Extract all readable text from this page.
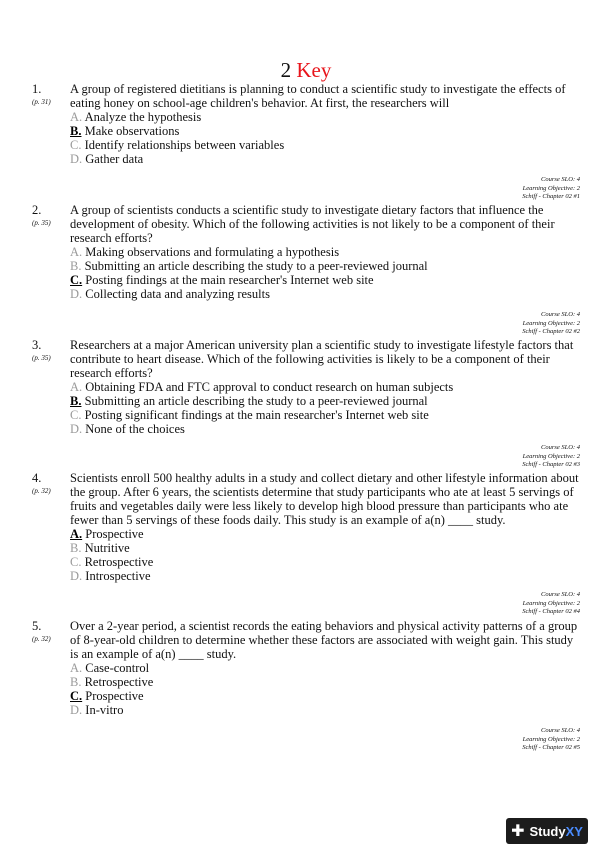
2 Key
1.
(p. 31)
A group of registered dietitians is planning to conduct a scientific study to investigate the effects of eating honey on school-age children's behavior. At first, the researchers will
A. Analyze the hypothesis
B. Make observations
C. Identify relationships between variables
D. Gather data
Course SLO: 4
Learning Objective: 2
Schiff - Chapter 02 #1
2.
(p. 35)
A group of scientists conducts a scientific study to investigate dietary factors that influence the development of obesity. Which of the following activities is not likely to be a component of their research efforts?
A. Making observations and formulating a hypothesis
B. Submitting an article describing the study to a peer-reviewed journal
C. Posting findings at the main researcher's Internet web site
D. Collecting data and analyzing results
Course SLO: 4
Learning Objective: 2
Schiff - Chapter 02 #2
3.
(p. 35)
Researchers at a major American university plan a scientific study to investigate lifestyle factors that contribute to heart disease. Which of the following activities is likely to be a component of their research efforts?
A. Obtaining FDA and FTC approval to conduct research on human subjects
B. Submitting an article describing the study to a peer-reviewed journal
C. Posting significant findings at the main researcher's Internet web site
D. None of the choices
Course SLO: 4
Learning Objective: 2
Schiff - Chapter 02 #3
4.
(p. 32)
Scientists enroll 500 healthy adults in a study and collect dietary and other lifestyle information about the group. After 6 years, the scientists determine that study participants who ate at least 5 servings of fruits and vegetables daily were less likely to develop high blood pressure than participants who ate fewer than 5 servings of these foods daily. This study is an example of a(n) ____ study.
A. Prospective
B. Nutritive
C. Retrospective
D. Introspective
Course SLO: 4
Learning Objective: 2
Schiff - Chapter 02 #4
5.
(p. 32)
Over a 2-year period, a scientist records the eating behaviors and physical activity patterns of a group of 8-year-old children to determine whether these factors are associated with weight gain. This study is an example of a(n) ____ study.
A. Case-control
B. Retrospective
C. Prospective
D. In-vitro
Course SLO: 4
Learning Objective: 2
Schiff - Chapter 02 #5
✚ StudyXY
